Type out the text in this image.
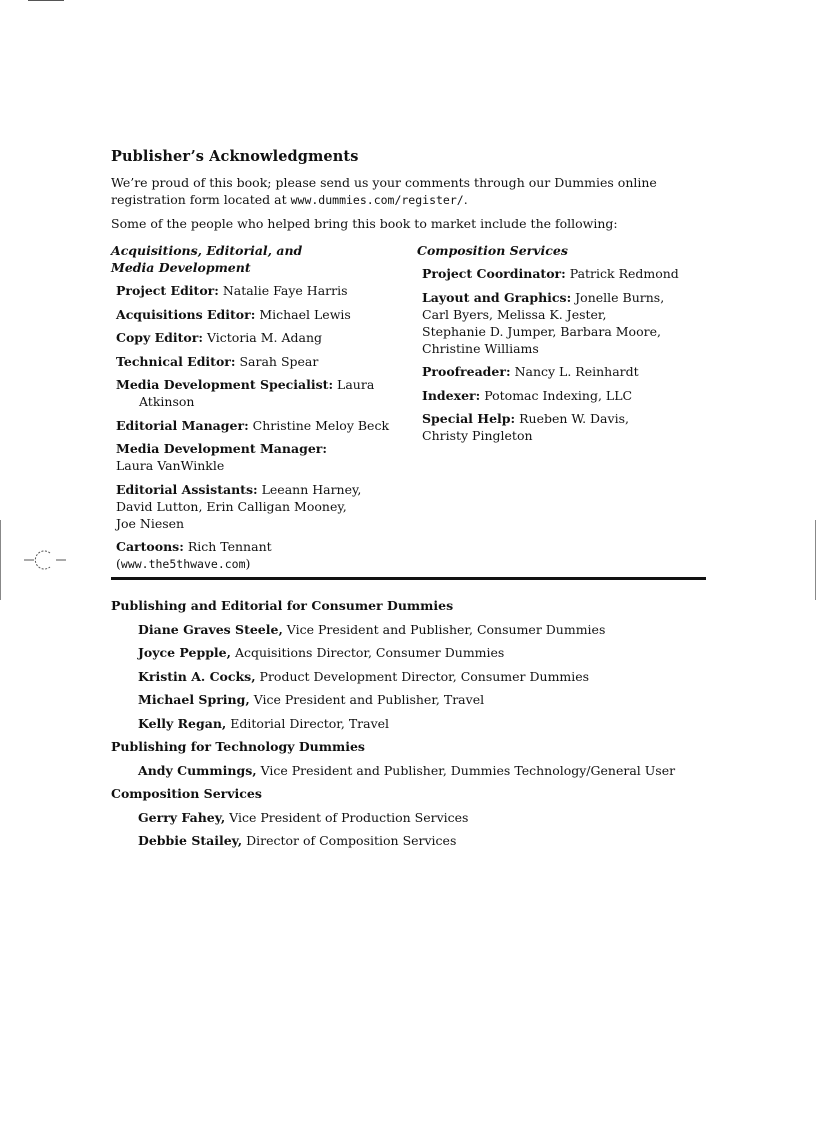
Publisher’s Acknowledgments

We’re proud of this book; please send us your comments through our Dummies online registration form located at www.dummies.com/register/.

Some of the people who helped bring this book to market include the following:

Acquisitions, Editorial, and
Media Development
Project Editor: Natalie Faye Harris
Acquisitions Editor: Michael Lewis
Copy Editor: Victoria M. Adang
Technical Editor: Sarah Spear
Media Development Specialist: Laura Atkinson
Editorial Manager: Christine Meloy Beck
Media Development Manager:
Laura VanWinkle
Editorial Assistants: Leeann Harney,
David Lutton, Erin Calligan Mooney,
Joe Niesen
Cartoons: Rich Tennant
(www.the5thwave.com)
Composition Services
Project Coordinator: Patrick Redmond
Layout and Graphics: Jonelle Burns,
Carl Byers, Melissa K. Jester,
Stephanie D. Jumper, Barbara Moore,
Christine Williams
Proofreader: Nancy L. Reinhardt
Indexer: Potomac Indexing, LLC
Special Help: Rueben W. Davis,
Christy Pingleton
Publishing and Editorial for Consumer Dummies
Diane Graves Steele, Vice President and Publisher, Consumer Dummies
Joyce Pepple, Acquisitions Director, Consumer Dummies
Kristin A. Cocks, Product Development Director, Consumer Dummies
Michael Spring, Vice President and Publisher, Travel
Kelly Regan, Editorial Director, Travel
Publishing for Technology Dummies
Andy Cummings, Vice President and Publisher, Dummies Technology/General User
Composition Services
Gerry Fahey, Vice President of Production Services
Debbie Stailey, Director of Composition Services
